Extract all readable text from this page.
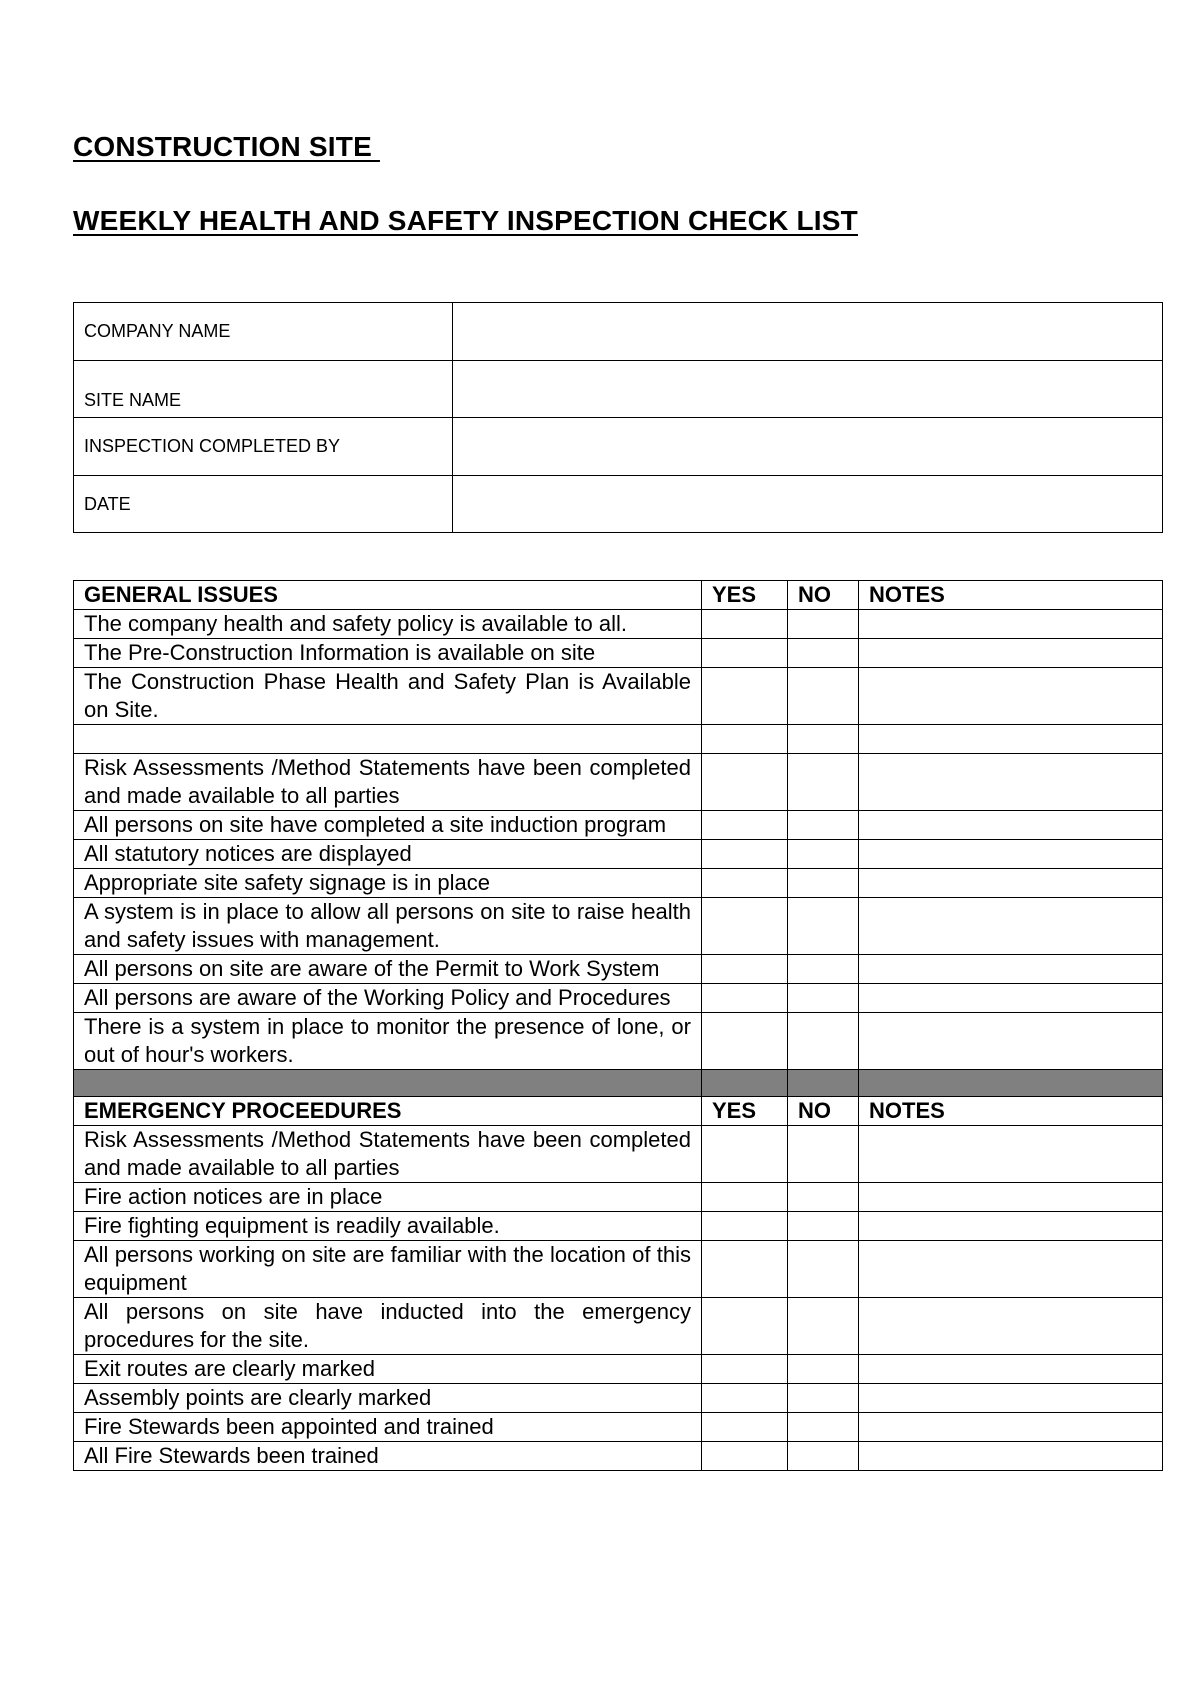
CONSTRUCTION SITE
WEEKLY HEALTH AND SAFETY INSPECTION CHECK LIST
COMPANY NAME	
SITE NAME	
INSPECTION COMPLETED BY	
DATE	
GENERAL ISSUES	YES	NO	NOTES
The company health and safety policy is available to all.			
The Pre-Construction Information is available on site			
The Construction Phase Health and Safety Plan is Available on Site.			

Risk Assessments /Method Statements have been completed and made available to all parties			
All persons on site have completed a site induction program			
All statutory notices are displayed			
Appropriate site safety signage is in place			
A system is in place to allow all persons on site to raise health and safety issues with management.			
All persons on site are aware of the Permit to Work System			
All persons are aware of the Working Policy and Procedures			
There is a system in place to monitor the presence of lone, or out of hour's workers.			

EMERGENCY PROCEEDURES	YES	NO	NOTES
Risk Assessments /Method Statements have been completed and made available to all parties			
Fire action notices are in place			
Fire fighting equipment is readily available.			
All persons working on site are familiar with the location of this equipment			
All persons on site have inducted into the emergency procedures for the site.			
Exit routes are clearly marked			
Assembly points are clearly marked			
Fire Stewards been appointed and trained			
All Fire Stewards been trained			
